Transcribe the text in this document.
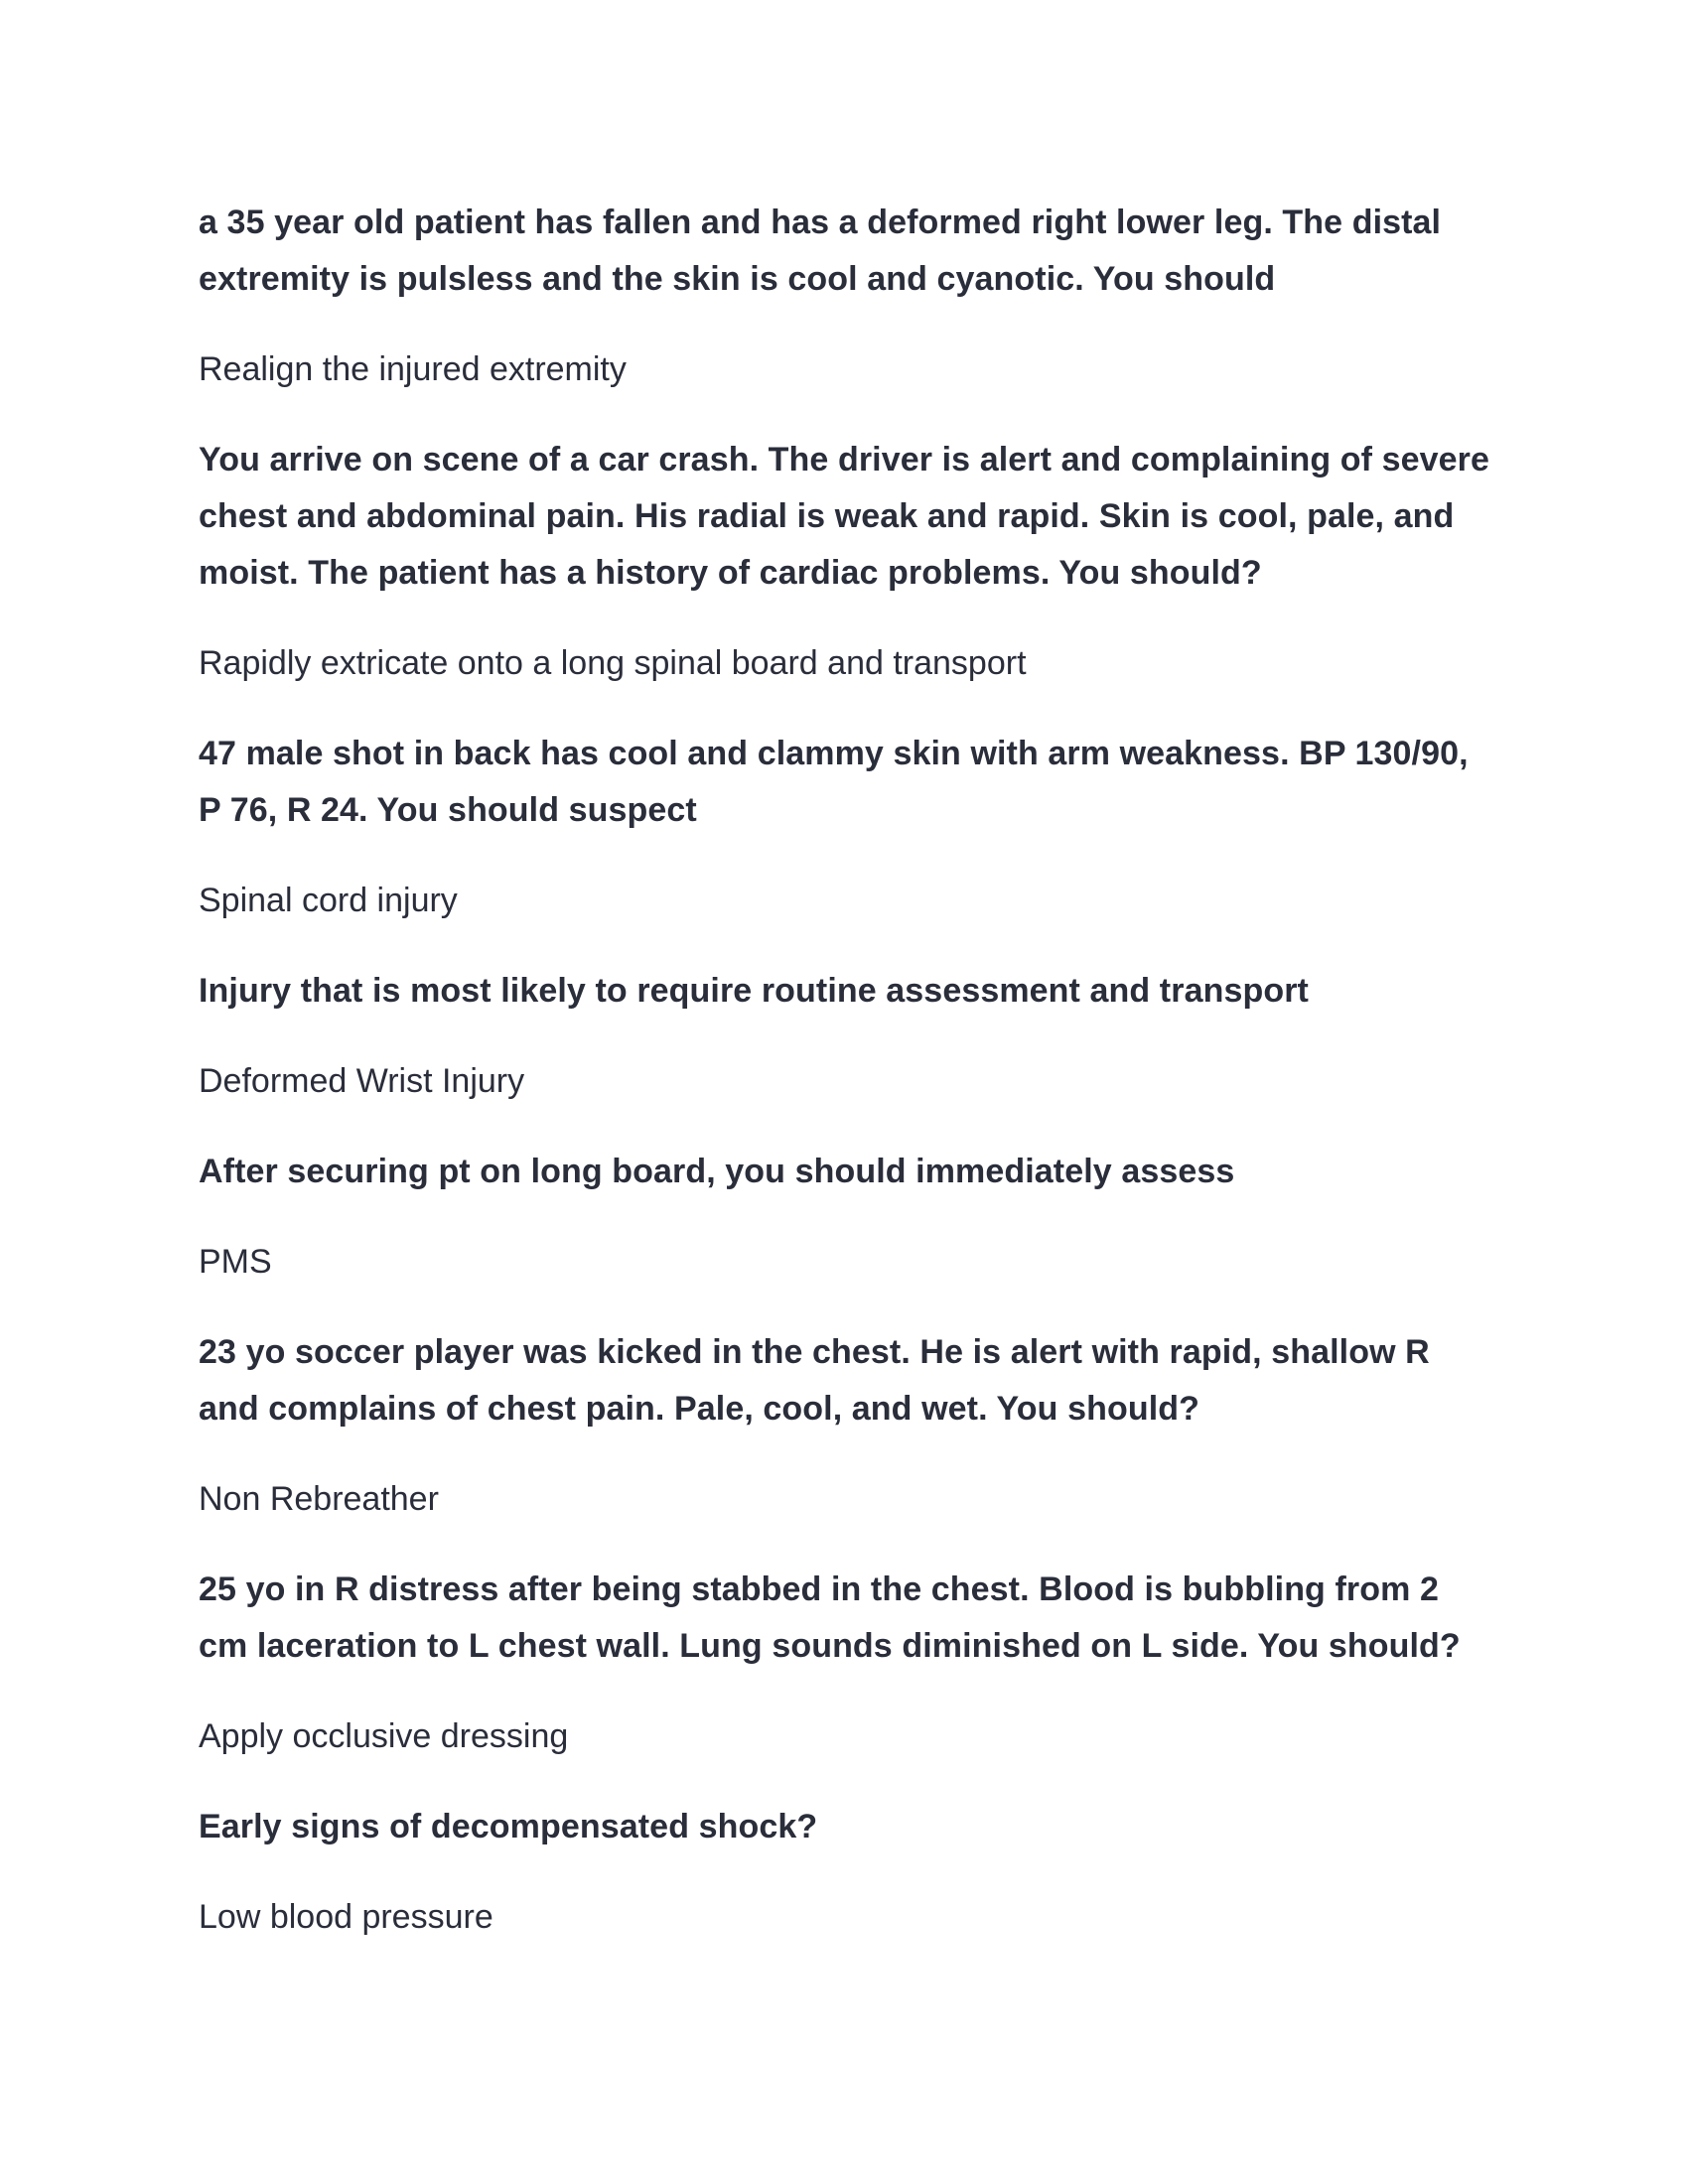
a 35 year old patient has fallen and has a deformed right lower leg. The distal extremity is pulsless and the skin is cool and cyanotic. You should

Realign the injured extremity

You arrive on scene of a car crash. The driver is alert and complaining of severe chest and abdominal pain. His radial is weak and rapid. Skin is cool, pale, and moist. The patient has a history of cardiac problems. You should?

Rapidly extricate onto a long spinal board and transport

47 male shot in back has cool and clammy skin with arm weakness. BP 130/90, P 76, R 24. You should suspect

Spinal cord injury

Injury that is most likely to require routine assessment and transport

Deformed Wrist Injury

After securing pt on long board, you should immediately assess

PMS

23 yo soccer player was kicked in the chest. He is alert with rapid, shallow R and complains of chest pain. Pale, cool, and wet. You should?

Non Rebreather

25 yo in R distress after being stabbed in the chest. Blood is bubbling from 2 cm laceration to L chest wall. Lung sounds diminished on L side. You should?

Apply occlusive dressing

Early signs of decompensated shock?

Low blood pressure
